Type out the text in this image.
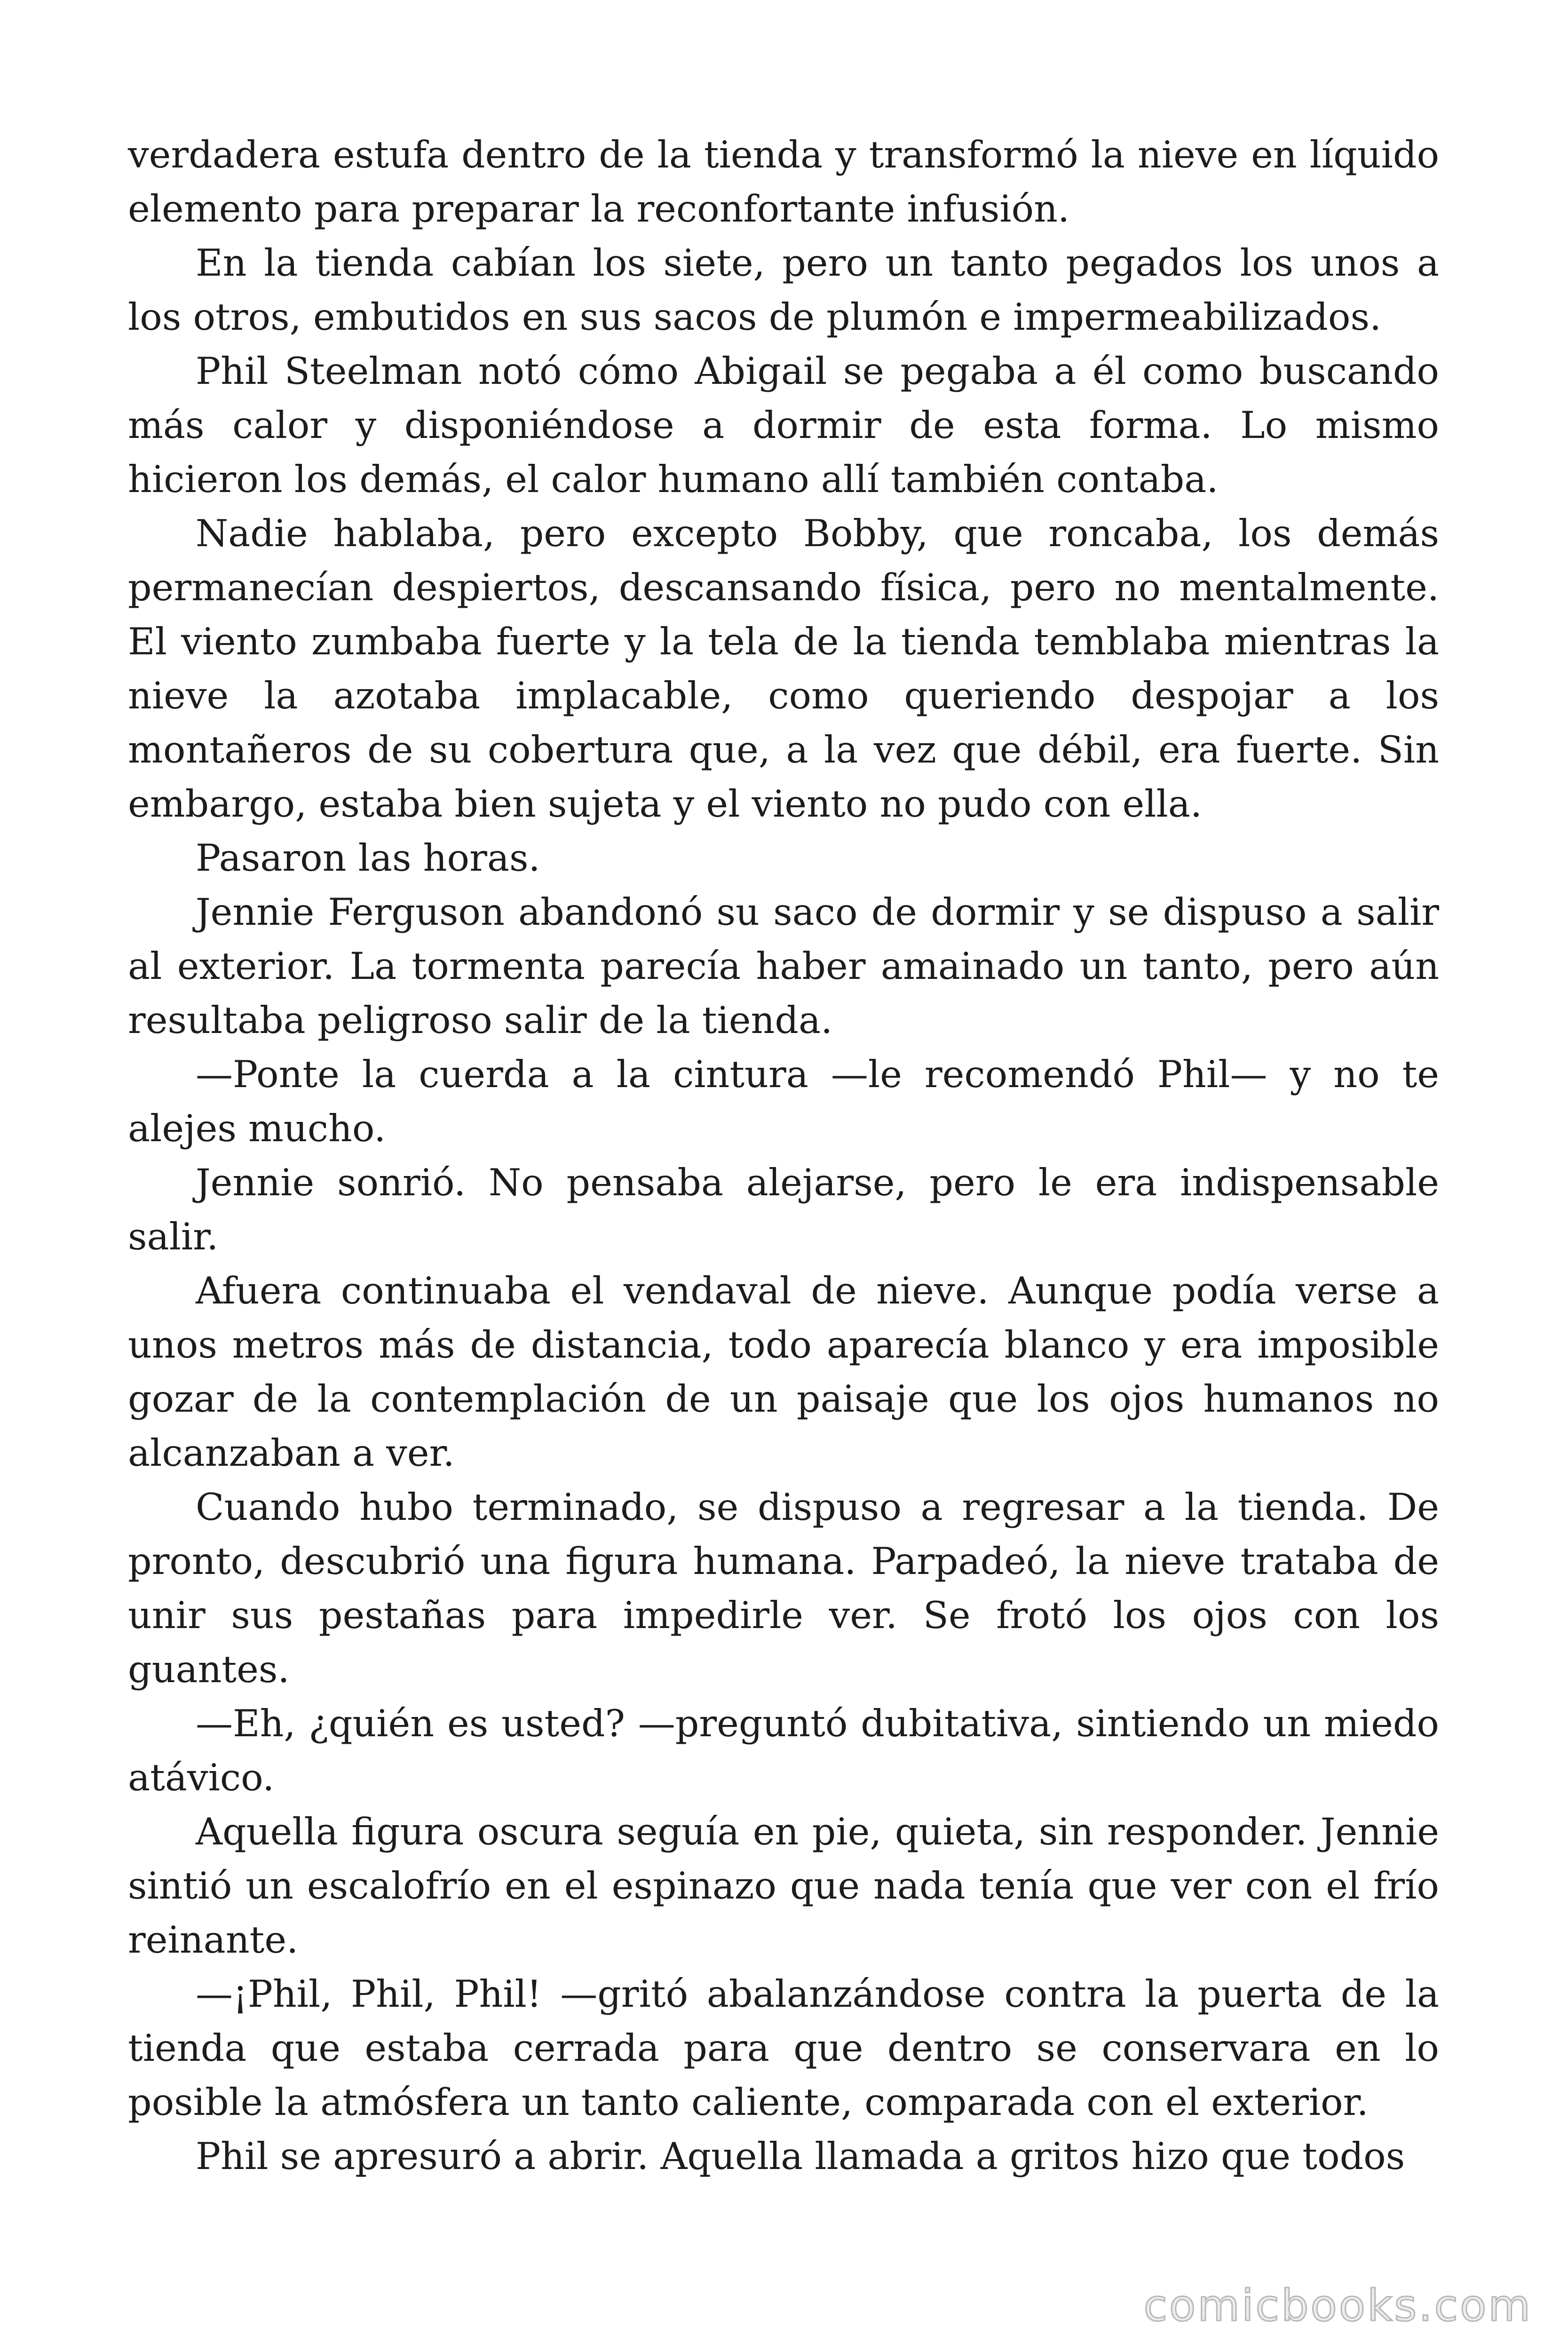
verdadera estufa dentro de la tienda y transformó la nieve en líquido elemento para preparar la reconfortante infusión.

En la tienda cabían los siete, pero un tanto pegados los unos a los otros, embutidos en sus sacos de plumón e impermeabilizados.

Phil Steelman notó cómo Abigail se pegaba a él como buscando más calor y disponiéndose a dormir de esta forma. Lo mismo hicieron los demás, el calor humano allí también contaba.

Nadie hablaba, pero excepto Bobby, que roncaba, los demás permanecían despiertos, descansando física, pero no mentalmente. El viento zumbaba fuerte y la tela de la tienda temblaba mientras la nieve la azotaba implacable, como queriendo despojar a los montañeros de su cobertura que, a la vez que débil, era fuerte. Sin embargo, estaba bien sujeta y el viento no pudo con ella.

Pasaron las horas.

Jennie Ferguson abandonó su saco de dormir y se dispuso a salir al exterior. La tormenta parecía haber amainado un tanto, pero aún resultaba peligroso salir de la tienda.

—Ponte la cuerda a la cintura —le recomendó Phil— y no te alejes mucho.

Jennie sonrió. No pensaba alejarse, pero le era indispensable salir.

Afuera continuaba el vendaval de nieve. Aunque podía verse a unos metros más de distancia, todo aparecía blanco y era imposible gozar de la contemplación de un paisaje que los ojos humanos no alcanzaban a ver.

Cuando hubo terminado, se dispuso a regresar a la tienda. De pronto, descubrió una figura humana. Parpadeó, la nieve trataba de unir sus pestañas para impedirle ver. Se frotó los ojos con los guantes.

—Eh, ¿quién es usted? —preguntó dubitativa, sintiendo un miedo atávico.

Aquella figura oscura seguía en pie, quieta, sin responder. Jennie sintió un escalofrío en el espinazo que nada tenía que ver con el frío reinante.

—¡Phil, Phil, Phil! —gritó abalanzándose contra la puerta de la tienda que estaba cerrada para que dentro se conservara en lo posible la atmósfera un tanto caliente, comparada con el exterior.

Phil se apresuró a abrir. Aquella llamada a gritos hizo que todos

comicbooks.com
